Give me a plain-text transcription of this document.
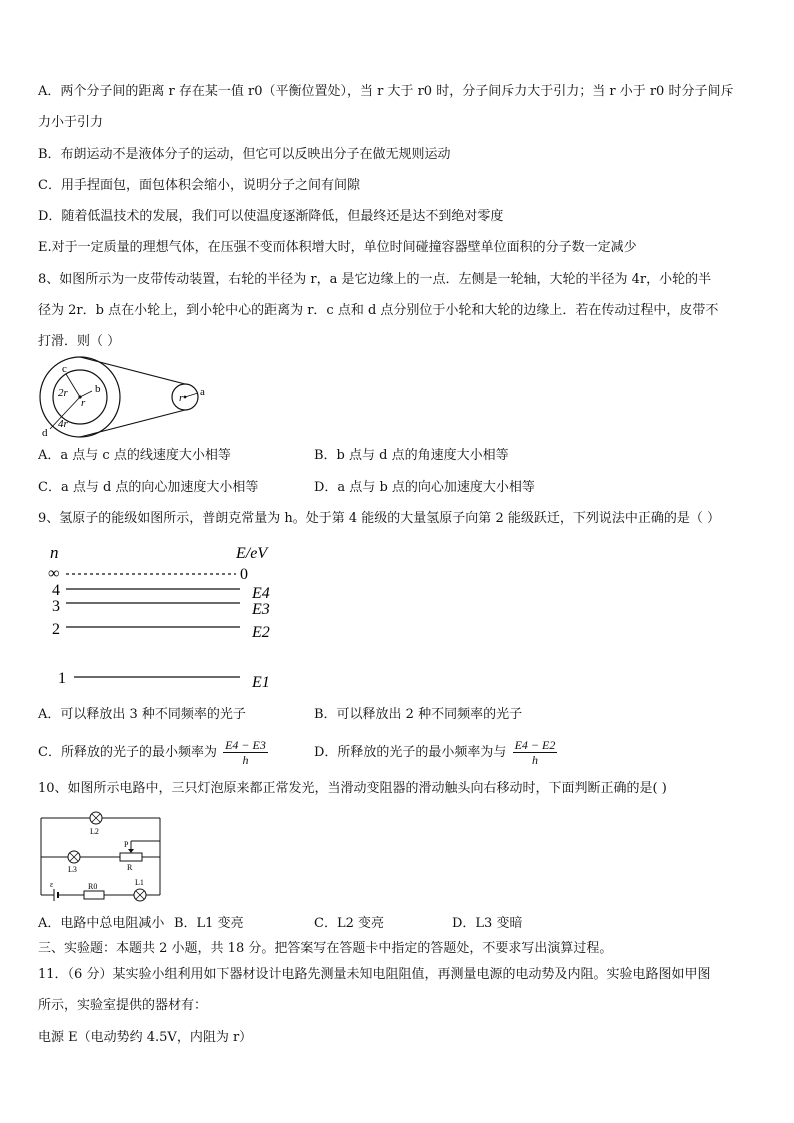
A．两个分子间的距离 r 存在某一值 r0（平衡位置处），当 r 大于 r0 时，分子间斥力大于引力；当 r 小于 r0 时分子间斥
力小于引力
B．布朗运动不是液体分子的运动，但它可以反映出分子在做无规则运动
C．用手捏面包，面包体积会缩小，说明分子之间有间隙
D．随着低温技术的发展，我们可以使温度逐渐降低，但最终还是达不到绝对零度
E.对于一定质量的理想气体，在压强不变而体积增大时，单位时间碰撞容器壁单位面积的分子数一定减少
8、如图所示为一皮带传动装置，右轮的半径为 r，a 是它边缘上的一点．左侧是一轮轴，大轮的半径为 4r，小轮的半
径为 2r．b 点在小轮上，到小轮中心的距离为 r．c 点和 d 点分别位于小轮和大轮的边缘上．若在传动过程中，皮带不
打滑．则（ ）
c
b
r
2r
4r
d
r a
A．a 点与 c 点的线速度大小相等	B．b 点与 d 点的角速度大小相等
C．a 点与 d 点的向心加速度大小相等	D．a 点与 b 点的向心加速度大小相等
9、氢原子的能级如图所示，普朗克常量为 h。处于第 4 能级的大量氢原子向第 2 能级跃迁，下列说法中正确的是（ ）
n	E/eV
∞	0
4	E4
3	E3
2	E2
1	E1
A．可以释放出 3 种不同频率的光子	B．可以释放出 2 种不同频率的光子
C．所释放的光子的最小频率为 $\frac{E4 - E3}{h}$	D．所释放的光子的最小频率为与 $\frac{E4 - E2}{h}$
10、如图所示电路中，三只灯泡原来都正常发光，当滑动变阻器的滑动触头向右移动时，下面判断正确的是( )
L2
L3
L1
P
R
R0
ε
A．电路中总电阻减小 B．L1 变亮	C．L2 变亮	D．L3 变暗
三、实验题：本题共 2 小题，共 18 分。把答案写在答题卡中指定的答题处，不要求写出演算过程。
11．（6 分）某实验小组利用如下器材设计电路先测量未知电阻阻值，再测量电源的电动势及内阻。实验电路图如甲图
所示，实验室提供的器材有：
电源 E（电动势约 4.5V，内阻为 r）
